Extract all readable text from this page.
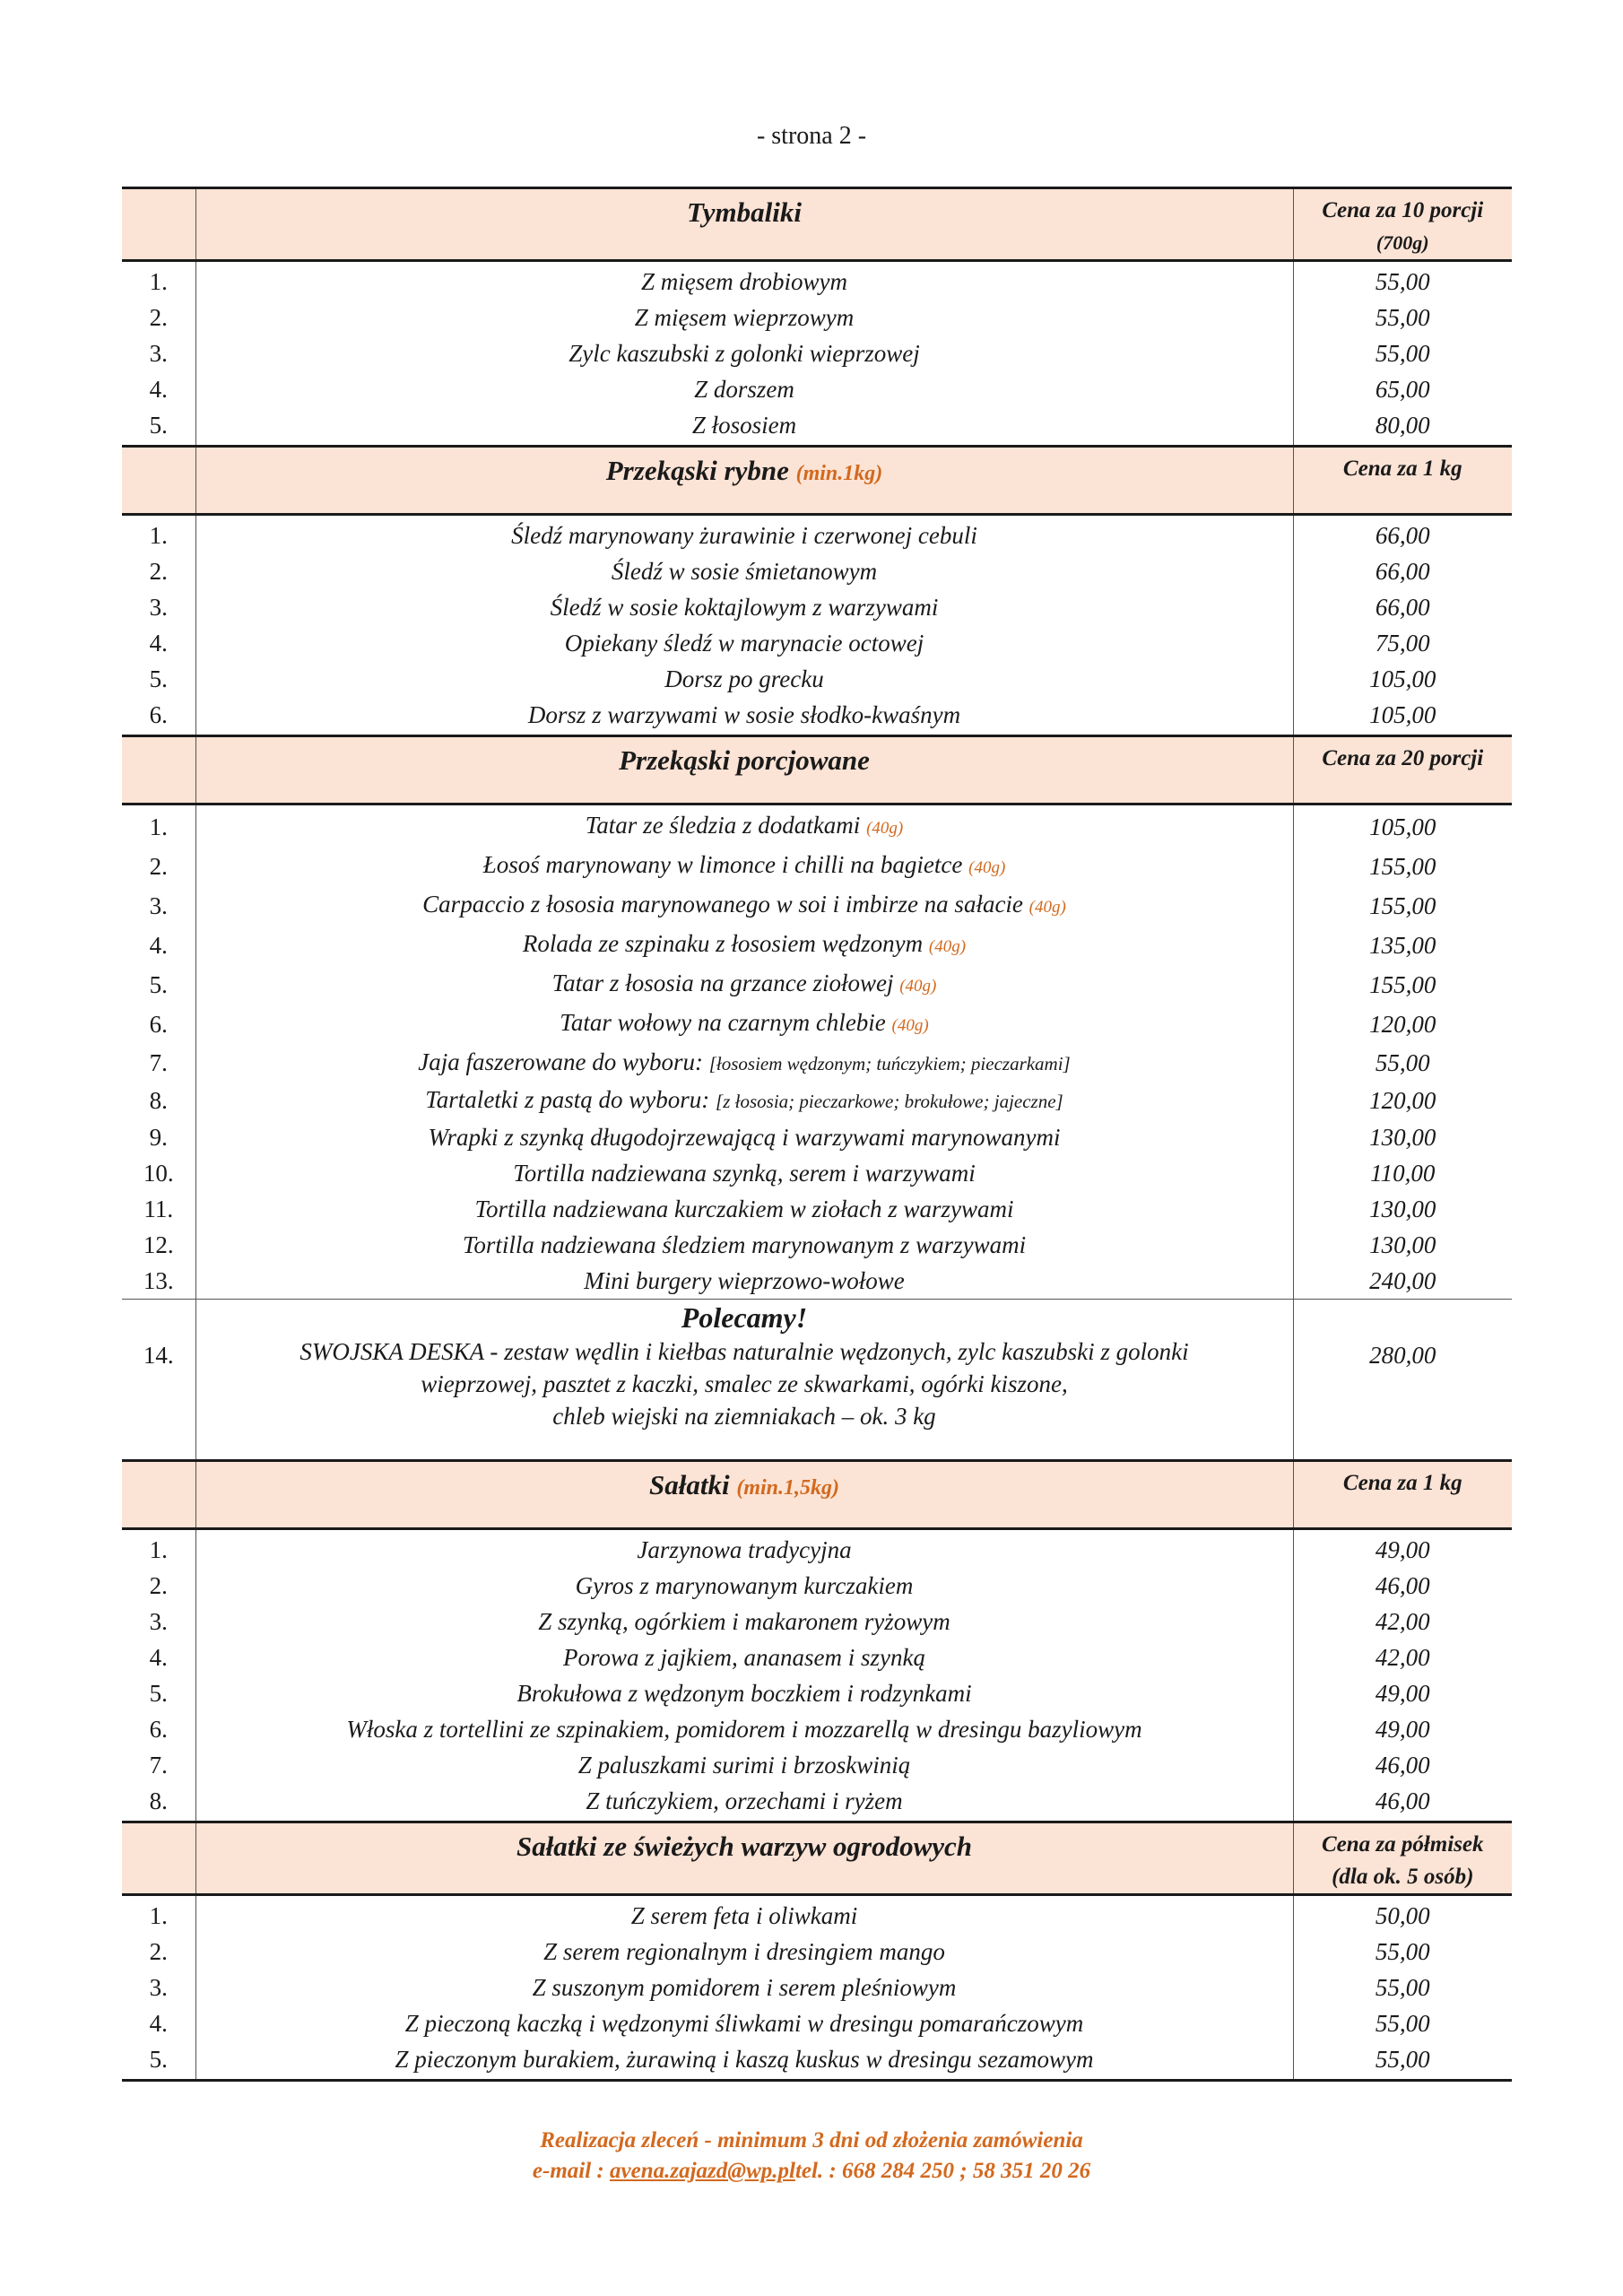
- strona 2 -
	Tymbaliki	Cena za 10 porcji
(700g)

1.	Z mięsem drobiowym	55,00
2.	Z mięsem wieprzowym	55,00
3.	Zylc kaszubski z golonki wieprzowej	55,00
4.	Z dorszem	65,00
5.	Z łososiem	80,00
	Przekąski rybne (min.1kg)	Cena za 1 kg

1.	Śledź marynowany żurawinie i czerwonej cebuli	66,00
2.	Śledź w sosie śmietanowym	66,00
3.	Śledź w sosie koktajlowym z warzywami	66,00
4.	Opiekany śledź w marynacie octowej	75,00
5.	Dorsz po grecku	105,00
6.	Dorsz z warzywami w sosie słodko-kwaśnym	105,00
	Przekąski porcjowane	Cena za 20 porcji

1.	Tatar ze śledzia z dodatkami (40g)	105,00
2.	Łosoś marynowany w limonce i chilli na bagietce (40g)	155,00
3.	Carpaccio z łososia marynowanego w soi i imbirze na sałacie (40g)	155,00
4.	Rolada ze szpinaku z łososiem wędzonym (40g)	135,00
5.	Tatar z łososia na grzance ziołowej (40g)	155,00
6.	Tatar wołowy na czarnym chlebie (40g)	120,00
7.	Jaja faszerowane do wyboru: [łososiem wędzonym; tuńczykiem; pieczarkami]	55,00
8.	Tartaletki z pastą do wyboru: [z łososia; pieczarkowe; brokułowe; jajeczne]	120,00
9.	Wrapki z szynką długodojrzewającą i warzywami marynowanymi	130,00
10.	Tortilla nadziewana szynką, serem i warzywami	110,00
11.	Tortilla nadziewana kurczakiem w ziołach z warzywami	130,00
12.	Tortilla nadziewana śledziem marynowanym z warzywami	130,00
13.	Mini burgery wieprzowo-wołowe	240,00
14.	Polecamy!
SWOJSKA DESKA - zestaw wędlin i kiełbas naturalnie wędzonych, zylc kaszubski z golonki
wieprzowej, pasztet z kaczki, smalec ze skwarkami, ogórki kiszone,
chleb wiejski na ziemniakach – ok. 3 kg	280,00
	Sałatki (min.1,5kg)	Cena za 1 kg

1.	Jarzynowa tradycyjna	49,00
2.	Gyros z marynowanym kurczakiem	46,00
3.	Z szynką, ogórkiem i makaronem ryżowym	42,00
4.	Porowa z jajkiem, ananasem i szynką	42,00
5.	Brokułowa z wędzonym boczkiem i rodzynkami	49,00
6.	Włoska z tortellini ze szpinakiem, pomidorem i mozzarellą w dresingu bazyliowym	49,00
7.	Z paluszkami surimi i brzoskwinią	46,00
8.	Z tuńczykiem, orzechami i ryżem	46,00
	Sałatki ze świeżych warzyw ogrodowych	Cena za półmisek
(dla ok. 5 osób)

1.	Z serem feta i oliwkami	50,00
2.	Z serem regionalnym i dresingiem mango	55,00
3.	Z suszonym pomidorem i serem pleśniowym	55,00
4.	Z pieczoną kaczką i wędzonymi śliwkami w dresingu pomarańczowym	55,00
5.	Z pieczonym burakiem, żurawiną i kaszą kuskus w dresingu sezamowym	55,00
Realizacja zleceń - minimum 3 dni od złożenia zamówienia
e-mail : avena.zajazd@wp.pltel. : 668 284 250 ; 58 351 20 26
